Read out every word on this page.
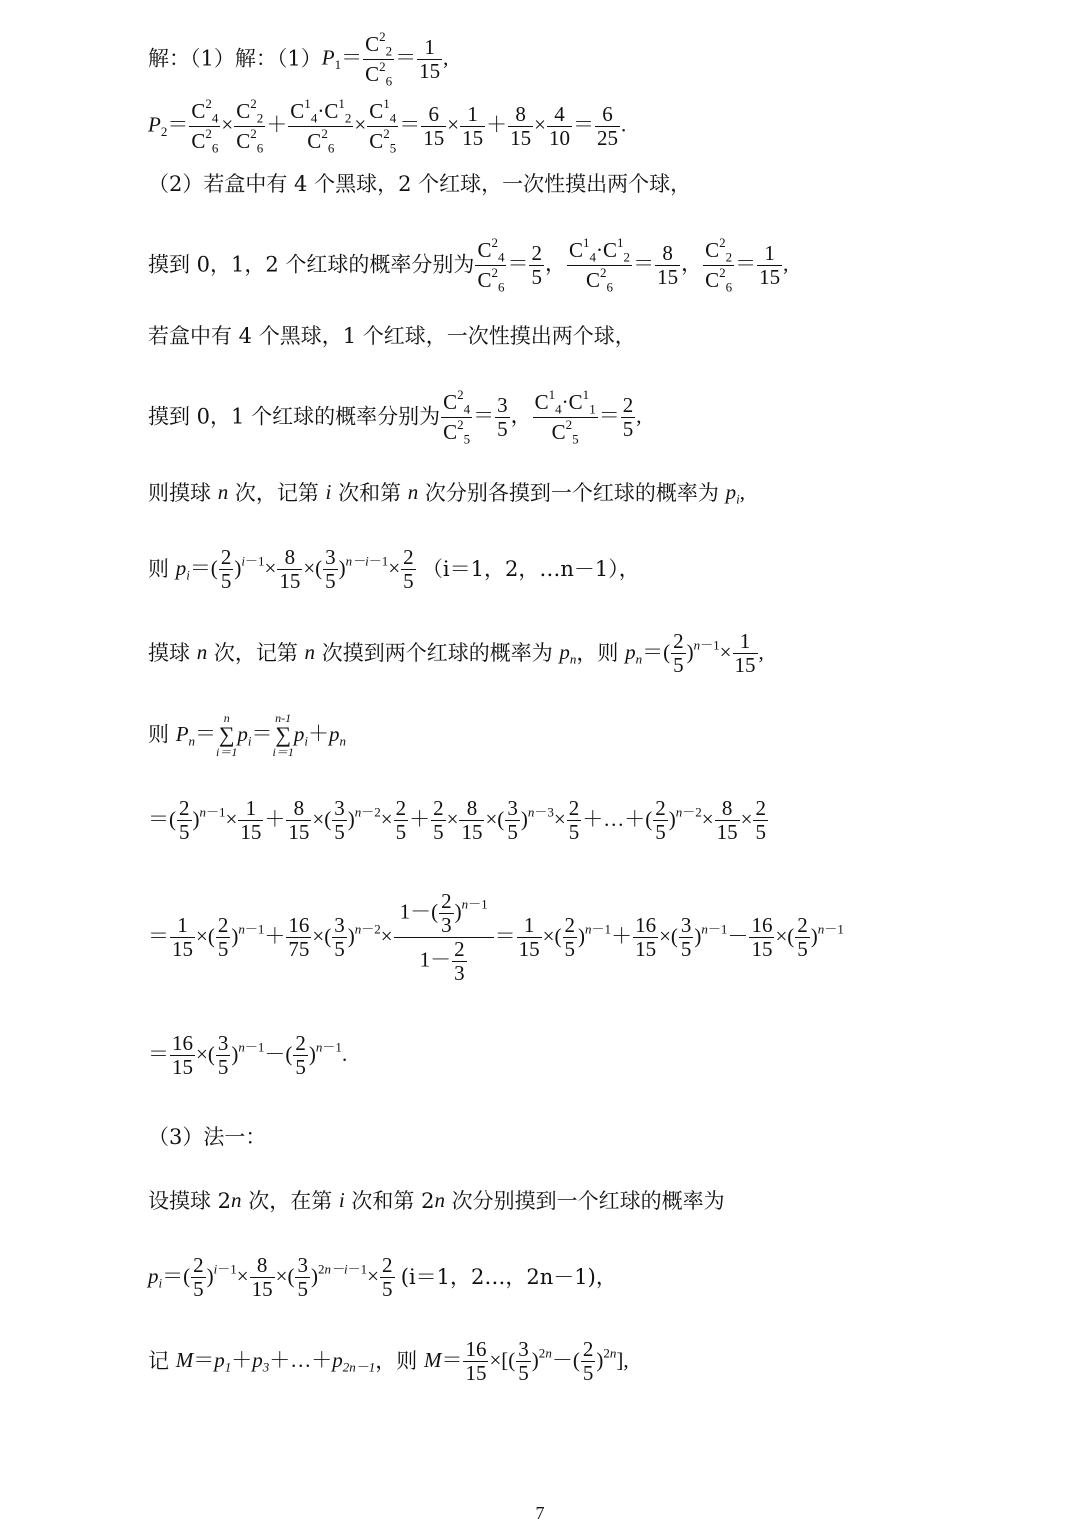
解：（1）解：$(1)P_1= \frac{C^2_2}{C^2_6} = \frac{1}{15}$ ,
$P_2= \frac{C^2_4}{C^2_6} \times \frac{C^2_2}{C^2_6} + \frac{C^1_4\cdot C^1_2}{C^2_6} \times \frac{C^1_4}{C^2_5} = \frac{6}{15} \times \frac{1}{15} + \frac{8}{15} \times \frac{4}{10} = \frac{6}{25}$ .
（2）若盒中有 4 个黑球，2 个红球，一次性摸出两个球，
摸到 0，1，2 个红球的概率分别为 $\frac{C^2_4}{C^2_6} = \frac{2}{5}$ ， $\frac{C^1_4\cdot C^1_2}{C^2_6} = \frac{8}{15}$ ， $\frac{C^2_2}{C^2_6} = \frac{1}{15}$ ,
若盒中有 4 个黑球，1 个红球，一次性摸出两个球，
摸到 0，1 个红球的概率分别为 $\frac{C^2_4}{C^2_5} = \frac{3}{5}$ ， $\frac{C^1_4\cdot C^1_1}{C^2_5} = \frac{2}{5}$ ,
则摸球 n 次，记第 i 次和第 n 次分别各摸到一个红球的概率为 $p_i$,
则 $p_i=( \frac{2}{5} )^{i-1}\times \frac{8}{15}$ ×( $\frac{3}{5} )^{n-i-1}\times \frac{2}{5} (i=1$，2，…n－1），
摸球 n 次，记第 n 次摸到两个红球的概率为 $p_n$，则 $p_n=( \frac{2}{5} )^{n-1}\times \frac{1}{15}$ ,
则 $P_n=$
n
∑
i＝1
$p_i=$
n-1
∑
i＝1
$p_i+p_n$
＝( $\frac{2}{5} )^{n-1}\times \frac{1}{15} + \frac{8}{15}$ ×( $\frac{3}{5} )^{n-2}\times \frac{2}{5} + \frac{2}{5} \times \frac{8}{15}$ ×( $\frac{3}{5} )^{n-3}\times \frac{2}{5}$ ＋…＋( $\frac{2}{5} )^{n-2}\times \frac{8}{15} \times \frac{2}{5}$
＝ $\frac{1}{15}$ ×( $\frac{2}{5} )^{n-1}+ \frac{16}{75}$ ×( $\frac{3}{5} )^{n-2}\times \frac{1-( \frac{2}{3} )^{n-1}}{1- \frac{2}{3}} = \frac{1}{15}$ ×( $\frac{2}{5} )^{n-1}+ \frac{16}{15}$ ×( $\frac{3}{5} )^{n-1}- \frac{16}{15}$ ×( $\frac{2}{5} )^{n-1}$
＝ $\frac{16}{15}$ ×( $\frac{3}{5} )^{n-1}-( \frac{2}{5} )^{n-1}$.
（3）法一：
设摸球 2n 次，在第 i 次和第 2n 次分别摸到一个红球的概率为
$p_i=( \frac{2}{5} )^{i-1}\times \frac{8}{15}$ ×( $\frac{3}{5} )^{2n-i-1}\times \frac{2}{5} (i=1$，2…，2n－1)，
记 $M=p_1+p_3+\dots+p_{2n-1}$，则 $M= \frac{16}{15}$ ×[( $\frac{3}{5} )^{2n}-( \frac{2}{5} )^{2n}$],
7
